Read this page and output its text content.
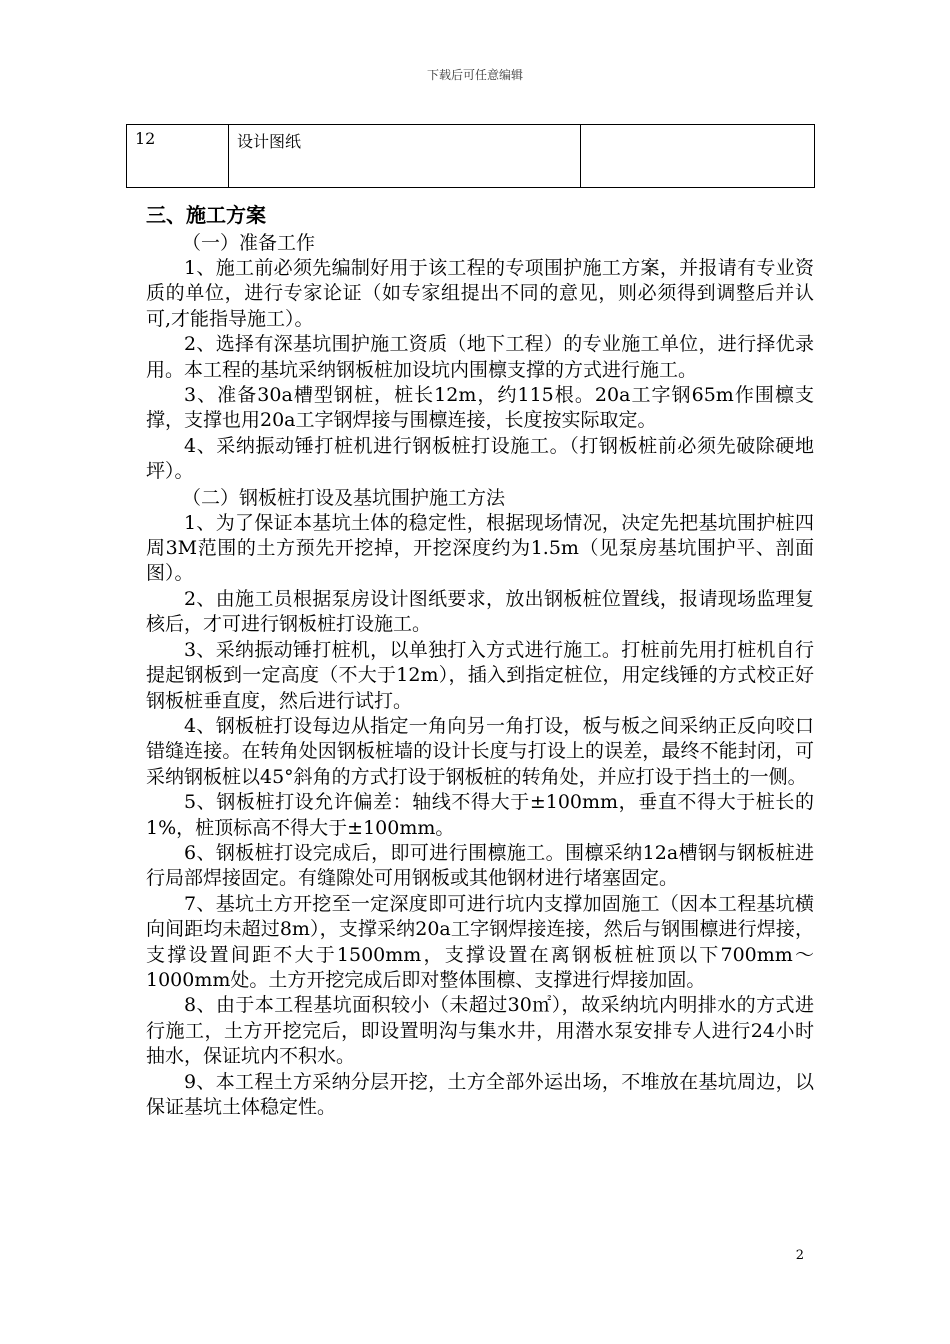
下载后可任意编辑
12	设计图纸	

三、施工方案

（一）准备工作

1、施工前必须先编制好用于该工程的专项围护施工方案，并报请有专业资质的单位，进行专家论证（如专家组提出不同的意见，则必须得到调整后并认可,才能指导施工）。

2、选择有深基坑围护施工资质（地下工程）的专业施工单位，进行择优录用。本工程的基坑采纳钢板桩加设坑内围檩支撑的方式进行施工。

3、准备30a槽型钢桩，桩长12m，约115根。20a工字钢65m作围檩支撑，支撑也用20a工字钢焊接与围檩连接，长度按实际取定。

4、采纳振动锤打桩机进行钢板桩打设施工。（打钢板桩前必须先破除硬地坪）。

（二）钢板桩打设及基坑围护施工方法

1、为了保证本基坑土体的稳定性，根据现场情况，决定先把基坑围护桩四周3M范围的土方预先开挖掉，开挖深度约为1.5m（见泵房基坑围护平、剖面图）。

2、由施工员根据泵房设计图纸要求，放出钢板桩位置线，报请现场监理复核后，才可进行钢板桩打设施工。

3、采纳振动锤打桩机，以单独打入方式进行施工。打桩前先用打桩机自行提起钢板到一定高度（不大于12m），插入到指定桩位，用定线锤的方式校正好钢板桩垂直度，然后进行试打。

4、钢板桩打设每边从指定一角向另一角打设，板与板之间采纳正反向咬口错缝连接。在转角处因钢板桩墙的设计长度与打设上的误差，最终不能封闭，可采纳钢板桩以45°斜角的方式打设于钢板桩的转角处，并应打设于挡土的一侧。

5、钢板桩打设允许偏差：轴线不得大于±100mm，垂直不得大于桩长的1%，桩顶标高不得大于±100mm。

6、钢板桩打设完成后，即可进行围檩施工。围檩采纳12a槽钢与钢板桩进行局部焊接固定。有缝隙处可用钢板或其他钢材进行堵塞固定。

7、基坑土方开挖至一定深度即可进行坑内支撑加固施工（因本工程基坑横向间距均未超过8m），支撑采纳20a工字钢焊接连接，然后与钢围檩进行焊接，支撑设置间距不大于1500mm，支撑设置在离钢板桩桩顶以下700mm～1000mm处。土方开挖完成后即对整体围檩、支撑进行焊接加固。

8、由于本工程基坑面积较小（未超过30㎡），故采纳坑内明排水的方式进行施工，土方开挖完后，即设置明沟与集水井，用潜水泵安排专人进行24小时抽水，保证坑内不积水。

9、本工程土方采纳分层开挖，土方全部外运出场，不堆放在基坑周边，以保证基坑土体稳定性。

2
